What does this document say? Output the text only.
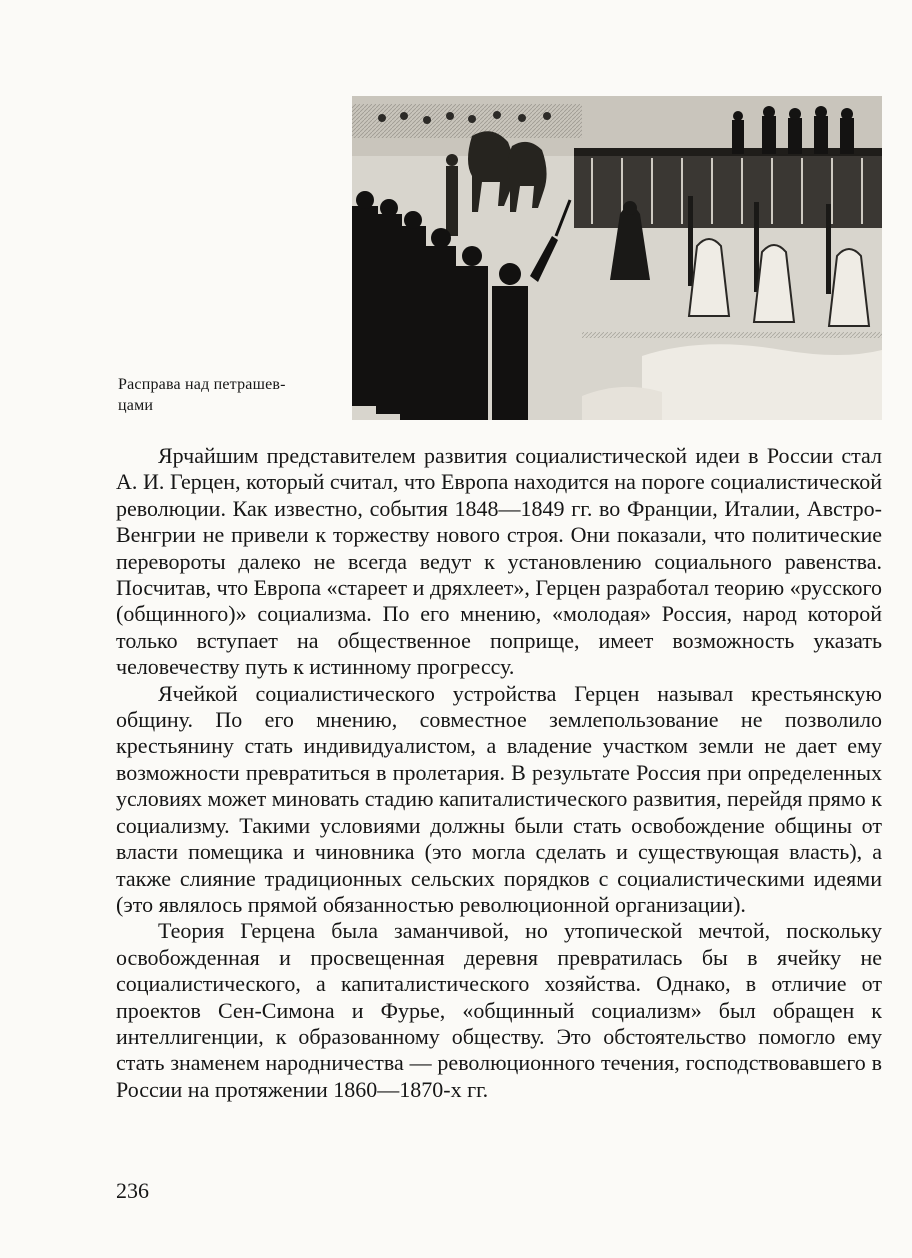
Расправа над петрашев-
цами

Ярчайшим представителем развития социалистической идеи в России стал А. И. Герцен, который считал, что Европа находится на пороге социалистической революции. Как известно, события 1848—1849 гг. во Франции, Италии, Австро-Венгрии не привели к торжеству нового строя. Они показали, что политические перевороты далеко не всегда ведут к установлению социального равенства. Посчитав, что Европа «стареет и дряхлеет», Герцен разработал теорию «русского (общинного)» социализма. По его мнению, «молодая» Россия, народ которой только вступает на общественное поприще, имеет возможность указать человечеству путь к истинному прогрессу.

Ячейкой социалистического устройства Герцен называл крестьянскую общину. По его мнению, совместное землепользование не позволило крестьянину стать индивидуалистом, а владение участком земли не дает ему возможности превратиться в пролетария. В результате Россия при определенных условиях может миновать стадию капиталистического развития, перейдя прямо к социализму. Такими условиями должны были стать освобождение общины от власти помещика и чиновника (это могла сделать и существующая власть), а также слияние традиционных сельских порядков с социалистическими идеями (это являлось прямой обязанностью революционной организации).

Теория Герцена была заманчивой, но утопической мечтой, поскольку освобожденная и просвещенная деревня превратилась бы в ячейку не социалистического, а капиталистического хозяйства. Однако, в отличие от проектов Сен-Симона и Фурье, «общинный социализм» был обращен к интеллигенции, к образованному обществу. Это обстоятельство помогло ему стать знаменем народничества — революционного течения, господствовавшего в России на протяжении 1860—1870-х гг.

236
